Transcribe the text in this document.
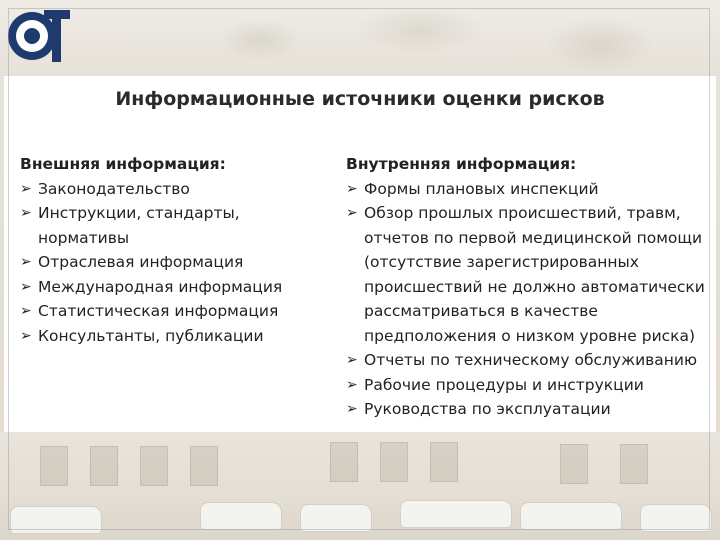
Информационные источники оценки рисков
Внешняя информация:
➢ Законодательство
➢ Инструкции, стандарты,
нормативы
➢ Отраслевая информация
➢ Международная информация
➢ Статистическая информация
➢ Консультанты, публикации
Внутренняя информация:
➢ Формы плановых инспекций
➢ Обзор прошлых происшествий, травм,
отчетов по первой медицинской помощи
(отсутствие зарегистрированных
происшествий не должно автоматически
рассматриваться в качестве
предположения о низком уровне риска)
➢ Отчеты по техническому обслуживанию
➢ Рабочие процедуры и инструкции
➢ Руководства по эксплуатации
